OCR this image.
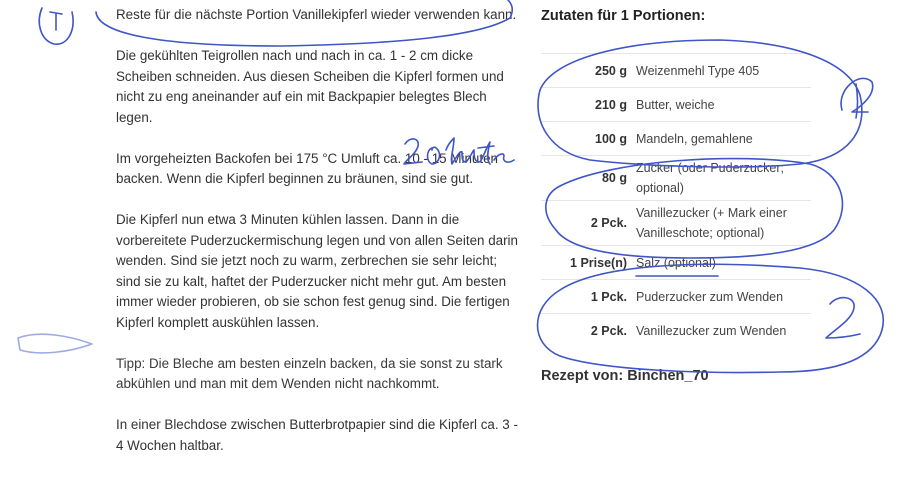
Reste für die nächste Portion Vanillekipferl wieder verwenden kann.

Die gekühlten Teigrollen nach und nach in ca. 1 - 2 cm dicke Scheiben schneiden. Aus diesen Scheiben die Kipferl formen und nicht zu eng aneinander auf ein mit Backpapier belegtes Blech legen.

Im vorgeheizten Backofen bei 175 °C Umluft ca. 10 - 15 Minuten backen. Wenn die Kipferl beginnen zu bräunen, sind sie gut.

Die Kipferl nun etwa 3 Minuten kühlen lassen. Dann in die vorbereitete Puderzuckermischung legen und von allen Seiten darin wenden. Sind sie jetzt noch zu warm, zerbrechen sie sehr leicht; sind sie zu kalt, haftet der Puderzucker nicht mehr gut. Am besten immer wieder probieren, ob sie schon fest genug sind. Die fertigen Kipferl komplett auskühlen lassen.

Tipp: Die Bleche am besten einzeln backen, da sie sonst zu stark abkühlen und man mit dem Wenden nicht nachkommt.

In einer Blechdose zwischen Butterbrotpapier sind die Kipferl ca. 3 - 4 Wochen haltbar.

Zutaten für 1 Portionen:
250 g	Weizenmehl Type 405
210 g	Butter, weiche
100 g	Mandeln, gemahlene
80 g	Zucker (oder Puderzucker; optional)
2 Pck.	Vanillezucker (+ Mark einer Vanilleschote; optional)
1 Prise(n)	Salz (optional)
1 Pck.	Puderzucker zum Wenden
2 Pck.	Vanillezucker zum Wenden
Rezept von: Binchen_70
